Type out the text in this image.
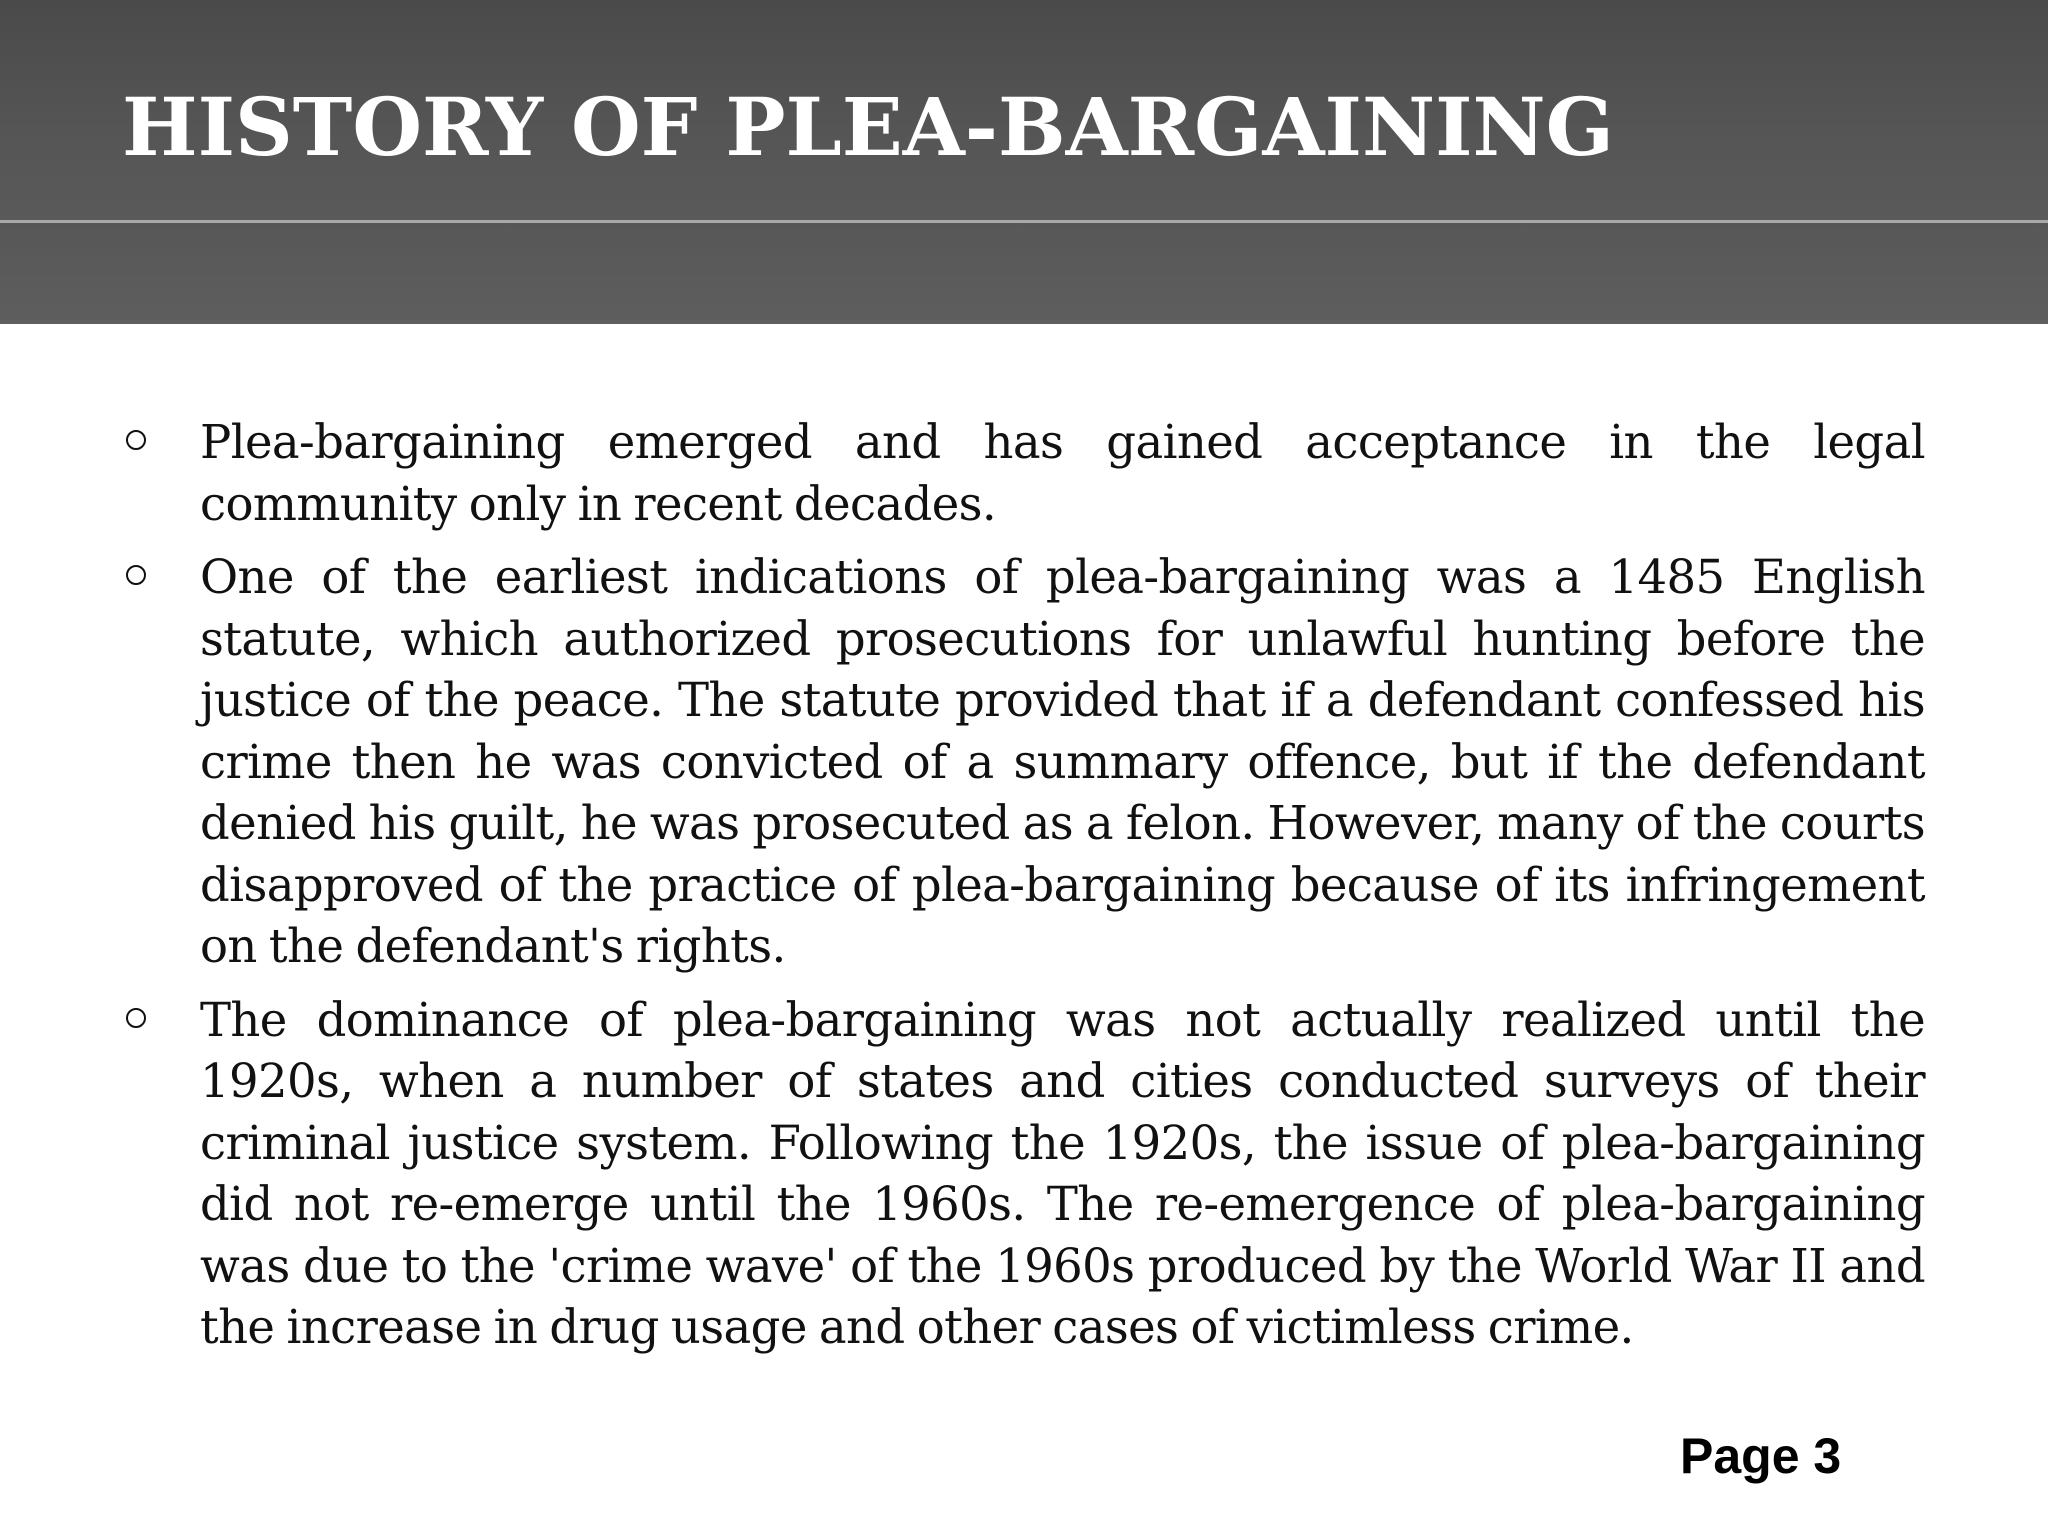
HISTORY OF PLEA-BARGAINING

Plea-bargaining emerged and has gained acceptance in the legal community only in recent decades.

One of the earliest indications of plea-bargaining was a 1485 English statute, which authorized prosecutions for unlawful hunting before the justice of the peace. The statute provided that if a defendant confessed his crime then he was convicted of a summary offence, but if the defendant denied his guilt, he was prosecuted as a felon. However, many of the courts disapproved of the practice of plea-bargaining because of its infringement on the defendant's rights.

The dominance of plea-bargaining was not actually realized until the 1920s, when a number of states and cities conducted surveys of their criminal justice system. Following the 1920s, the issue of plea-bargaining did not re-emerge until the 1960s. The re-emergence of plea-bargaining was due to the 'crime wave' of the 1960s produced by the World War II and the increase in drug usage and other cases of victimless crime.

Page 3
